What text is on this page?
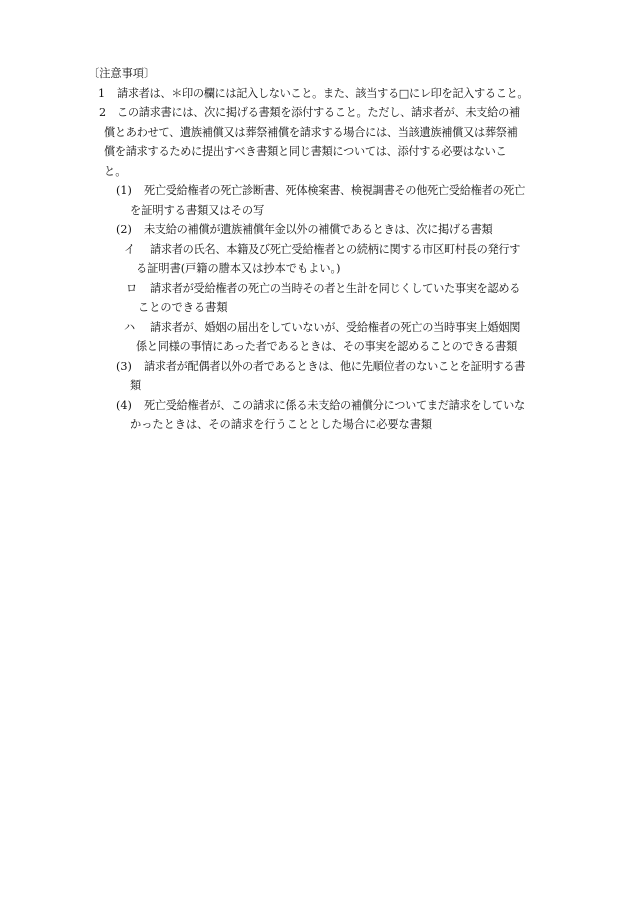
〔注意事項〕
1 請求者は、＊印の欄には記入しないこと。また、該当する□にレ印を記入すること。
2 この請求書には、次に掲げる書類を添付すること。ただし、請求者が、未支給の補
償とあわせて、遺族補償又は葬祭補償を請求する場合には、当該遺族補償又は葬祭補
償を請求するために提出すべき書類と同じ書類については、添付する必要はないこ
と。
(1) 死亡受給権者の死亡診断書、死体検案書、検視調書その他死亡受給権者の死亡
を証明する書類又はその写
(2) 未支給の補償が遺族補償年金以外の補償であるときは、次に掲げる書類
イ 請求者の氏名、本籍及び死亡受給権者との続柄に関する市区町村長の発行す
る証明書(戸籍の謄本又は抄本でもよい。)
ロ 請求者が受給権者の死亡の当時その者と生計を同じくしていた事実を認める
ことのできる書類
ハ 請求者が、婚姻の届出をしていないが、受給権者の死亡の当時事実上婚姻関
係と同様の事情にあった者であるときは、その事実を認めることのできる書類
(3) 請求者が配偶者以外の者であるときは、他に先順位者のないことを証明する書
類
(4) 死亡受給権者が、この請求に係る未支給の補償分についてまだ請求をしていな
かったときは、その請求を行うこととした場合に必要な書類
